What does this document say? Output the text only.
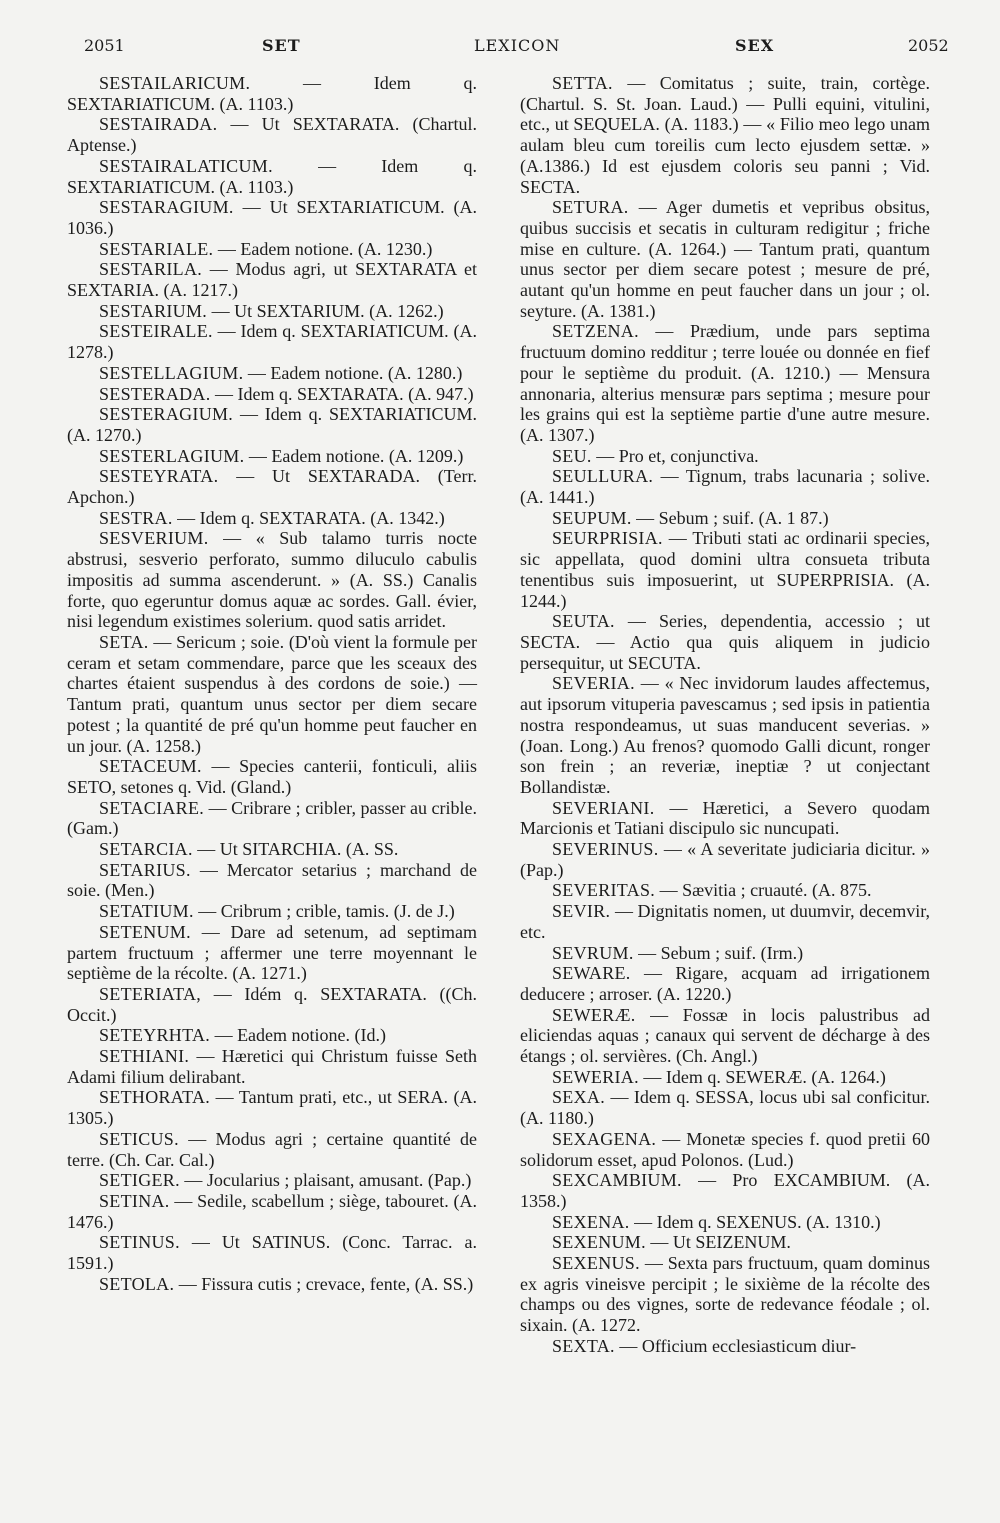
2051	SET	LEXICON	SEX	2052

SESTAILARICUM.	— Idem q. SEXTARIATICUM. (A. 1103.)

SESTAIRADA. — Ut SEXTARATA. (Chartul. Aptense.)

SESTAIRALATICUM.	— Idem q. SEXTARIATICUM. (A. 1103.)

SESTARAGIUM. — Ut SEXTARIATICUM. (A. 1036.)

SESTARIALE. — Eadem notione. (A. 1230.)

SESTARILA. — Modus agri, ut SEXTARATA et SEXTARIA. (A. 1217.)

SESTARIUM. — Ut SEXTARIUM. (A. 1262.)

SESTEIRALE. — Idem q. SEXTARIATICUM. (A. 1278.)

SESTELLAGIUM. — Eadem notione. (A. 1280.)

SESTERADA. — Idem q. SEXTARATA. (A. 947.)

SESTERAGIUM. — Idem q. SEXTARIATICUM. (A. 1270.)

SESTERLAGIUM. — Eadem notione. (A. 1209.)

SESTEYRATA. — Ut SEXTARADA. (Terr. Apchon.)

SESTRA. — Idem q. SEXTARATA. (A. 1342.)

SESVERIUM. — « Sub talamo turris nocte abstrusi, sesverio perforato, summo diluculo cabulis impositis ad summa ascenderunt. » (A. SS.) Canalis forte, quo egeruntur domus aquæ ac sordes. Gall. évier, nisi legendum existimes solerium. quod satis arridet.

SETA. — Sericum ; soie. (D'où vient la formule per ceram et setam commendare, parce que les sceaux des chartes étaient suspendus à des cordons de soie.) — Tantum prati, quantum unus sector per diem secare potest ; la quantité de pré qu'un homme peut faucher en un jour. (A. 1258.)

SETACEUM. — Species canterii, fonticuli, aliis SETO, setones q. Vid. (Gland.)

SETACIARE. — Cribrare ; cribler, passer au crible. (Gam.)

SETARCIA. — Ut SITARCHIA. (A. SS.

SETARIUS. — Mercator setarius ; marchand de soie. (Men.)

SETATIUM. — Cribrum ; crible, tamis. (J. de J.)

SETENUM. — Dare ad setenum, ad septimam partem fructuum ; affermer une terre moyennant le septième de la récolte. (A. 1271.)

SETERIATA, — Idém q. SEXTARATA. ((Ch. Occit.)

SETEYRHTA. — Eadem notione. (Id.)

SETHIANI. — Hæretici qui Christum fuisse Seth Adami filium delirabant.

SETHORATA. — Tantum prati, etc., ut SERA. (A. 1305.)

SETICUS. — Modus agri ; certaine quantité de terre. (Ch. Car. Cal.)

SETIGER. — Jocularius ; plaisant, amusant. (Pap.)

SETINA. — Sedile, scabellum ; siège, tabouret. (A. 1476.)

SETINUS. — Ut SATINUS. (Conc. Tarrac. a. 1591.)

SETOLA. — Fissura cutis ; crevace, fente, (A. SS.)

SETTA. — Comitatus ; suite, train, cortège. (Chartul. S. St. Joan. Laud.) — Pulli equini, vitulini, etc., ut SEQUELA. (A. 1183.) — « Filio meo lego unam aulam bleu cum toreilis cum lecto ejusdem settæ. » (A.1386.) Id est ejusdem coloris seu panni ; Vid. SECTA.

SETURA. — Ager dumetis et vepribus obsitus, quibus succisis et secatis in culturam redigitur ; friche mise en culture. (A. 1264.) — Tantum prati, quantum unus sector per diem secare potest ; mesure de pré, autant qu'un homme en peut faucher dans un jour ; ol. seyture. (A. 1381.)

SETZENA. — Prædium, unde pars septima fructuum domino redditur ; terre louée ou donnée en fief pour le septième du produit. (A. 1210.) — Mensura annonaria, alterius mensuræ pars septima ; mesure pour les grains qui est la septième partie d'une autre mesure. (A. 1307.)

SEU. — Pro et, conjunctiva.

SEULLURA. — Tignum, trabs lacunaria ; solive. (A. 1441.)

SEUPUM. — Sebum ; suif. (A. 1 87.)

SEURPRISIA. — Tributi stati ac ordinarii species, sic appellata, quod domini ultra consueta tributa tenentibus suis imposuerint, ut SUPERPRISIA. (A. 1244.)

SEUTA. — Series, dependentia, accessio ; ut SECTA. — Actio qua quis aliquem in judicio persequitur, ut SECUTA.

SEVERIA. — « Nec invidorum laudes affectemus, aut ipsorum vituperia pavescamus ; sed ipsis in patientia nostra respondeamus, ut suas manducent severias. » (Joan. Long.) Au frenos? quomodo Galli dicunt, ronger son frein ; an reveriæ, ineptiæ ? ut conjectant Bollandistæ.

SEVERIANI. — Hæretici, a Severo quodam Marcionis et Tatiani discipulo sic nuncupati.

SEVERINUS. — « A severitate judiciaria dicitur. » (Pap.)

SEVERITAS. — Sævitia ; cruauté. (A. 875.

SEVIR. — Dignitatis nomen, ut duumvir, decemvir, etc.

SEVRUM. — Sebum ; suif. (Irm.)

SEWARE. — Rigare, acquam ad irrigationem deducere ; arroser. (A. 1220.)

SEWERÆ. — Fossæ in locis palustribus ad eliciendas aquas ; canaux qui servent de décharge à des étangs ; ol. servières. (Ch. Angl.)

SEWERIA. — Idem q. SEWERÆ. (A. 1264.)

SEXA. — Idem q. SESSA, locus ubi sal conficitur. (A. 1180.)

SEXAGENA. — Monetæ species f. quod pretii 60 solidorum esset, apud Polonos. (Lud.)

SEXCAMBIUM. — Pro EXCAMBIUM. (A. 1358.)

SEXENA. — Idem q. SEXENUS. (A. 1310.)

SEXENUM. — Ut SEIZENUM.

SEXENUS. — Sexta pars fructuum, quam dominus ex agris vineisve percipit ; le sixième de la récolte des champs ou des vignes, sorte de redevance féodale ; ol. sixain. (A. 1272.

SEXTA. — Officium ecclesiasticum diur-
